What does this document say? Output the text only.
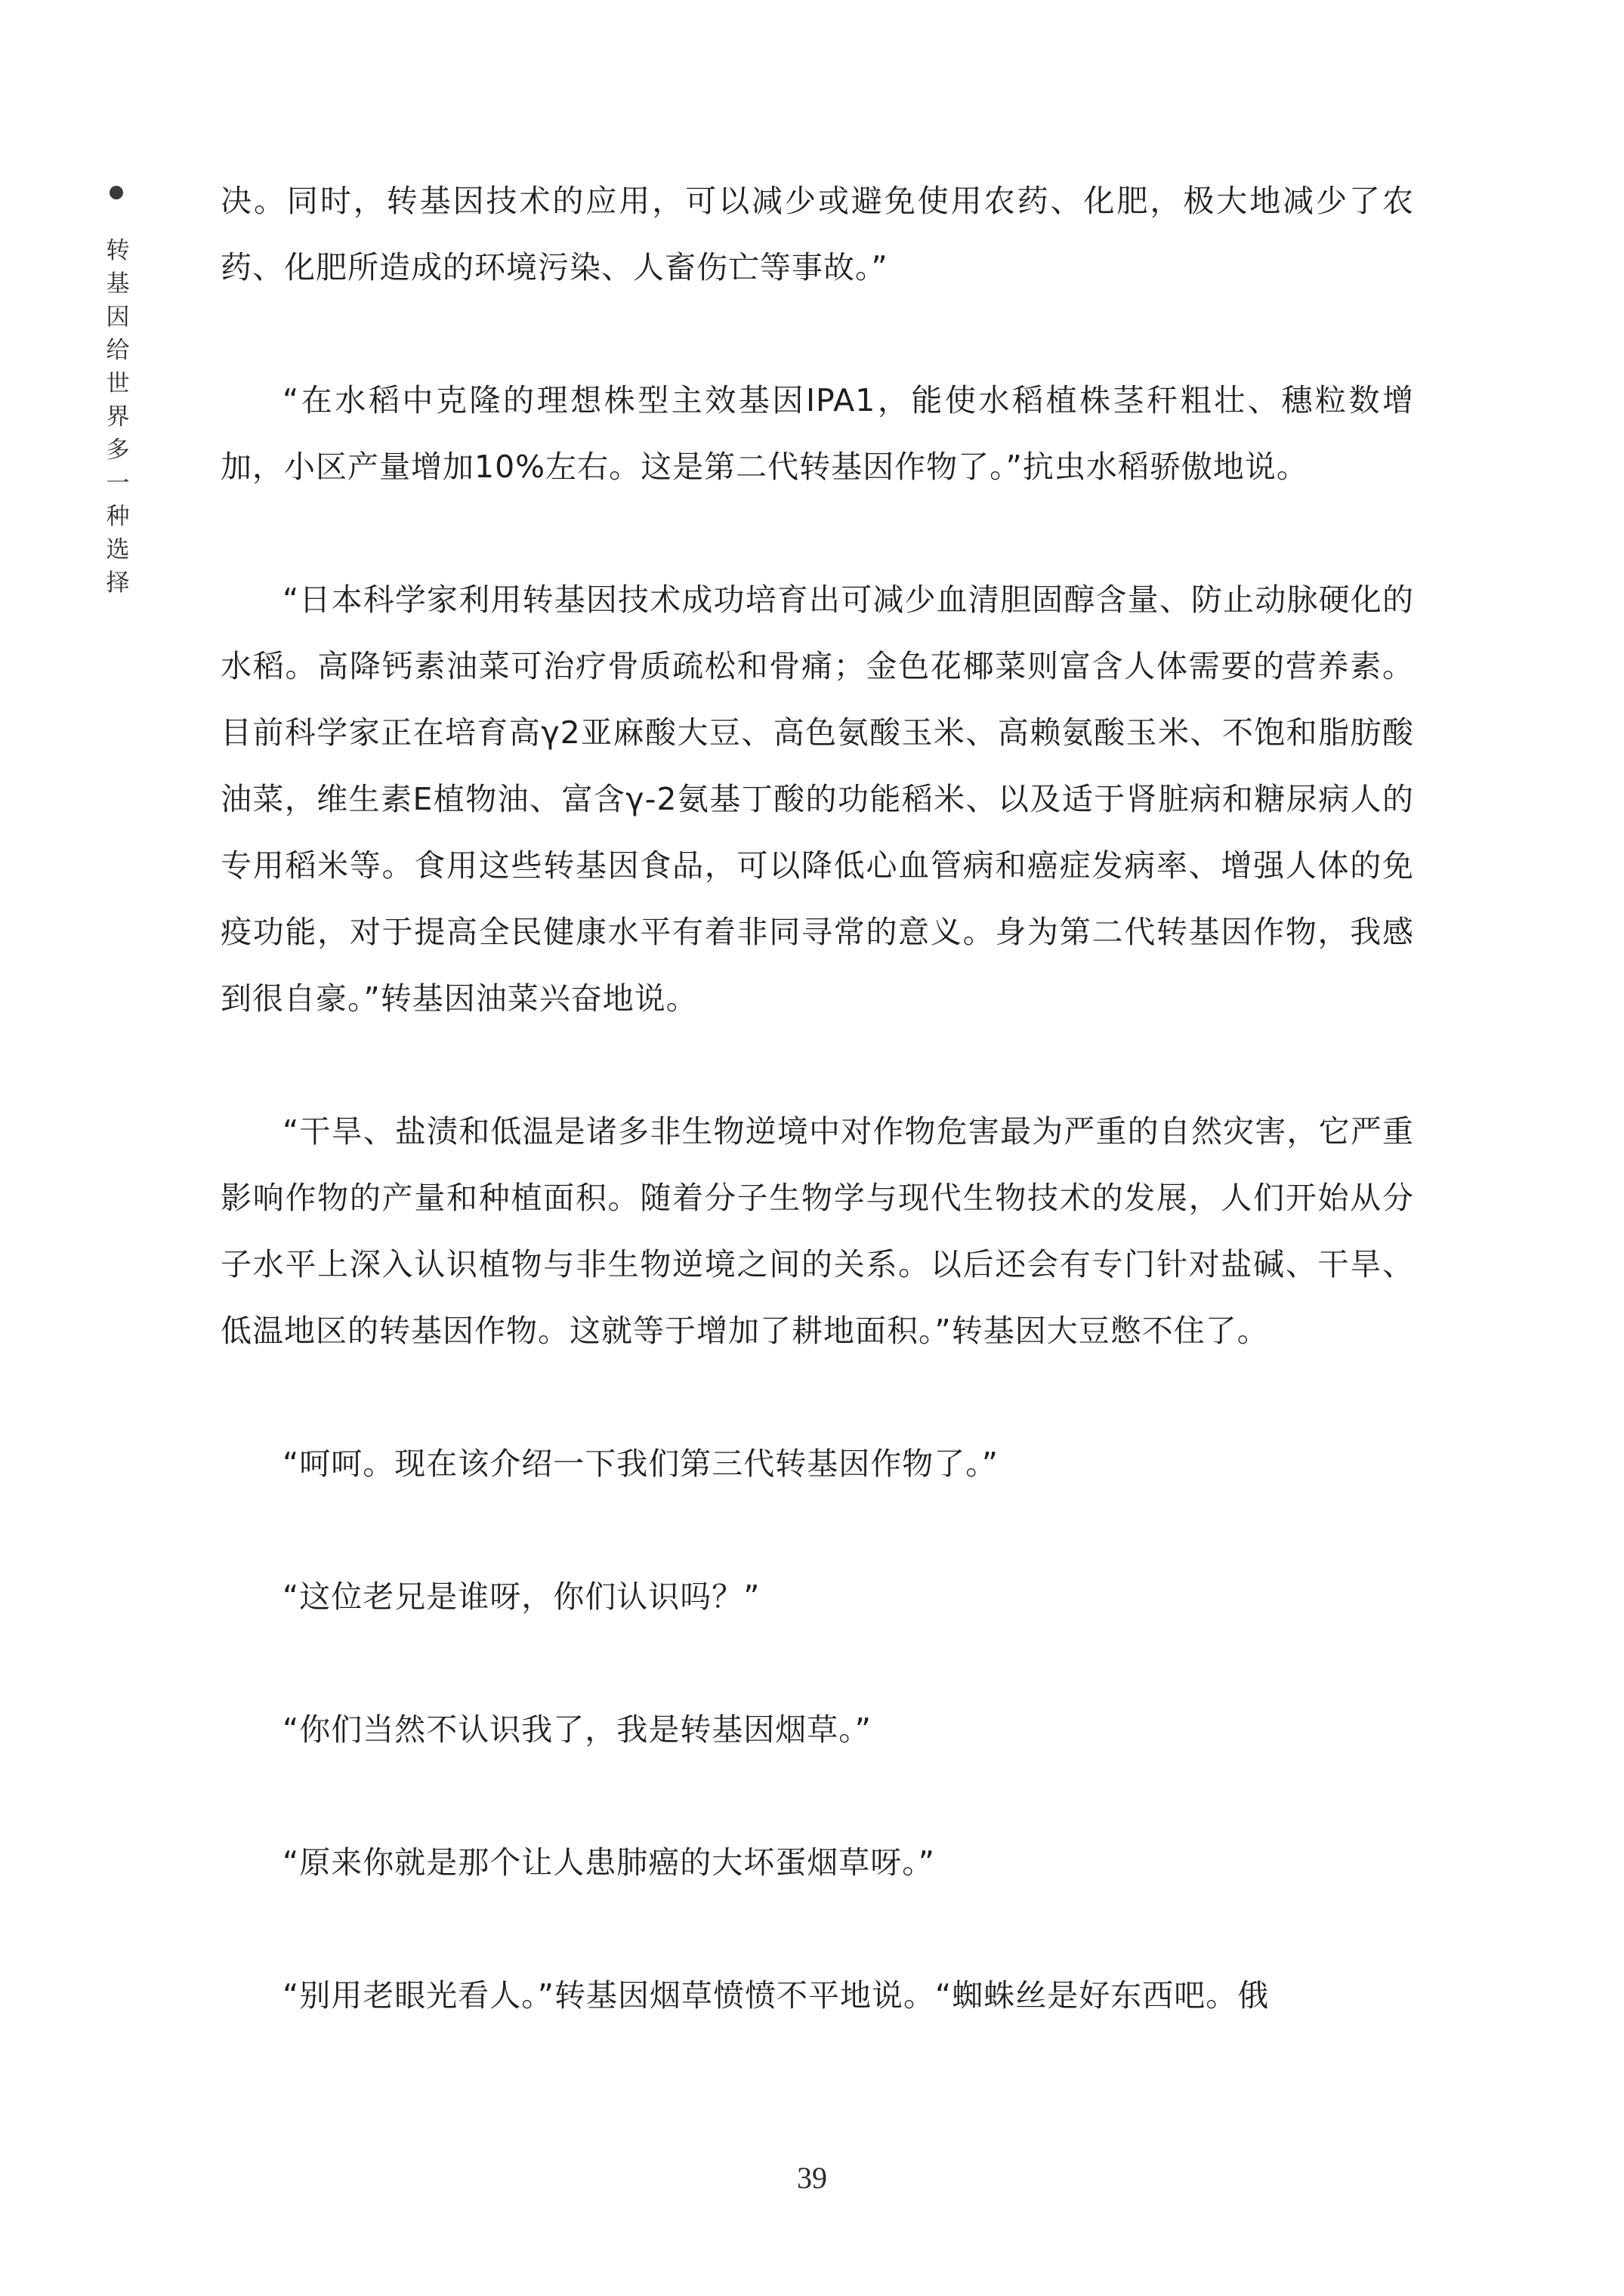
转基因给世界多一种选择

决。同时，转基因技术的应用，可以减少或避免使用农药、化肥，极大地减少了农药、化肥所造成的环境污染、人畜伤亡等事故。”

“在水稻中克隆的理想株型主效基因IPA1，能使水稻植株茎秆粗壮、穗粒数增加，小区产量增加10%左右。这是第二代转基因作物了。”抗虫水稻骄傲地说。

“日本科学家利用转基因技术成功培育出可减少血清胆固醇含量、防止动脉硬化的水稻。高降钙素油菜可治疗骨质疏松和骨痛；金色花椰菜则富含人体需要的营养素。目前科学家正在培育高γ2亚麻酸大豆、高色氨酸玉米、高赖氨酸玉米、不饱和脂肪酸油菜，维生素E植物油、富含γ-2氨基丁酸的功能稻米、以及适于肾脏病和糖尿病人的专用稻米等。食用这些转基因食品，可以降低心血管病和癌症发病率、增强人体的免疫功能，对于提高全民健康水平有着非同寻常的意义。身为第二代转基因作物，我感到很自豪。”转基因油菜兴奋地说。

“干旱、盐渍和低温是诸多非生物逆境中对作物危害最为严重的自然灾害，它严重影响作物的产量和种植面积。随着分子生物学与现代生物技术的发展，人们开始从分子水平上深入认识植物与非生物逆境之间的关系。以后还会有专门针对盐碱、干旱、低温地区的转基因作物。这就等于增加了耕地面积。”转基因大豆憋不住了。

“呵呵。现在该介绍一下我们第三代转基因作物了。”

“这位老兄是谁呀，你们认识吗？”

“你们当然不认识我了，我是转基因烟草。”

“原来你就是那个让人患肺癌的大坏蛋烟草呀。”

“别用老眼光看人。”转基因烟草愤愤不平地说。“蜘蛛丝是好东西吧。俄

39
